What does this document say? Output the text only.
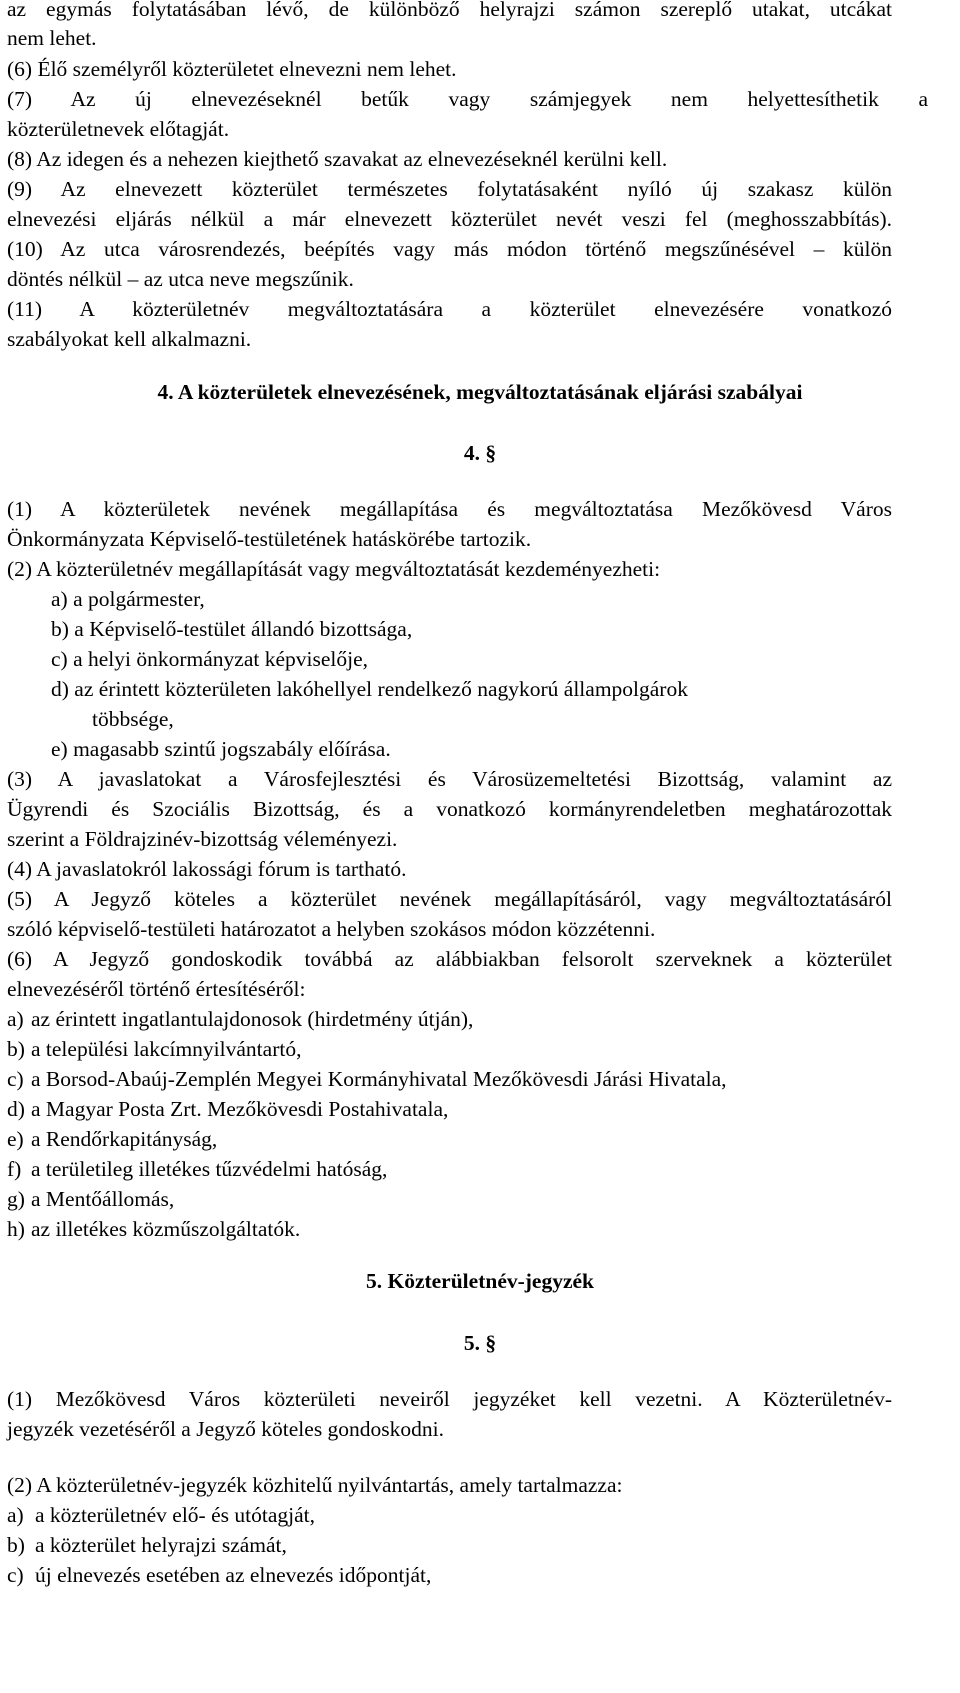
az egymás folytatásában lévő, de különböző helyrajzi számon szereplő utakat, utcákat
nem lehet.
(6) Élő személyről közterületet elnevezni nem lehet.
(7) Az új elnevezéseknél betűk vagy számjegyek nem helyettesíthetik a
közterületnevek előtagját.
(8) Az idegen és a nehezen kiejthető szavakat az elnevezéseknél kerülni kell.
(9) Az elnevezett közterület természetes folytatásaként nyíló új szakasz külön
elnevezési eljárás nélkül a már elnevezett közterület nevét veszi fel (meghosszabbítás).
(10) Az utca városrendezés, beépítés vagy más módon történő megszűnésével – külön
döntés nélkül – az utca neve megszűnik.
(11) A közterületnév megváltoztatására a közterület elnevezésére vonatkozó
szabályokat kell alkalmazni.
4. A közterületek elnevezésének, megváltoztatásának eljárási szabályai
4. §
(1) A közterületek nevének megállapítása és megváltoztatása Mezőkövesd Város
Önkormányzata Képviselő-testületének hatáskörébe tartozik.
(2) A közterületnév megállapítását vagy megváltoztatását kezdeményezheti:
a) a polgármester,
b) a Képviselő-testület állandó bizottsága,
c) a helyi önkormányzat képviselője,
d) az érintett közterületen lakóhellyel rendelkező nagykorú állampolgárok
többsége,
e) magasabb szintű jogszabály előírása.
(3) A javaslatokat a Városfejlesztési és Városüzemeltetési Bizottság, valamint az
Ügyrendi és Szociális Bizottság, és a vonatkozó kormányrendeletben meghatározottak
szerint a Földrajzinév-bizottság véleményezi.
(4) A javaslatokról lakossági fórum is tartható.
(5) A Jegyző köteles a közterület nevének megállapításáról, vagy megváltoztatásáról
szóló képviselő-testületi határozatot a helyben szokásos módon közzétenni.
(6) A Jegyző gondoskodik továbbá az alábbiakban felsorolt szerveknek a közterület
elnevezéséről történő értesítéséről:
a) az érintett ingatlantulajdonosok (hirdetmény útján),
b) a települési lakcímnyilvántartó,
c) a Borsod-Abaúj-Zemplén Megyei Kormányhivatal Mezőkövesdi Járási Hivatala,
d) a Magyar Posta Zrt. Mezőkövesdi Postahivatala,
e) a Rendőrkapitányság,
f) a területileg illetékes tűzvédelmi hatóság,
g) a Mentőállomás,
h) az illetékes közműszolgáltatók.
5. Közterületnév-jegyzék
5. §
(1) Mezőkövesd Város közterületi neveiről jegyzéket kell vezetni. A Közterületnév-
jegyzék vezetéséről a Jegyző köteles gondoskodni.
(2) A közterületnév-jegyzék közhitelű nyilvántartás, amely tartalmazza:
a) a közterületnév elő- és utótagját,
b) a közterület helyrajzi számát,
c) új elnevezés esetében az elnevezés időpontját,
